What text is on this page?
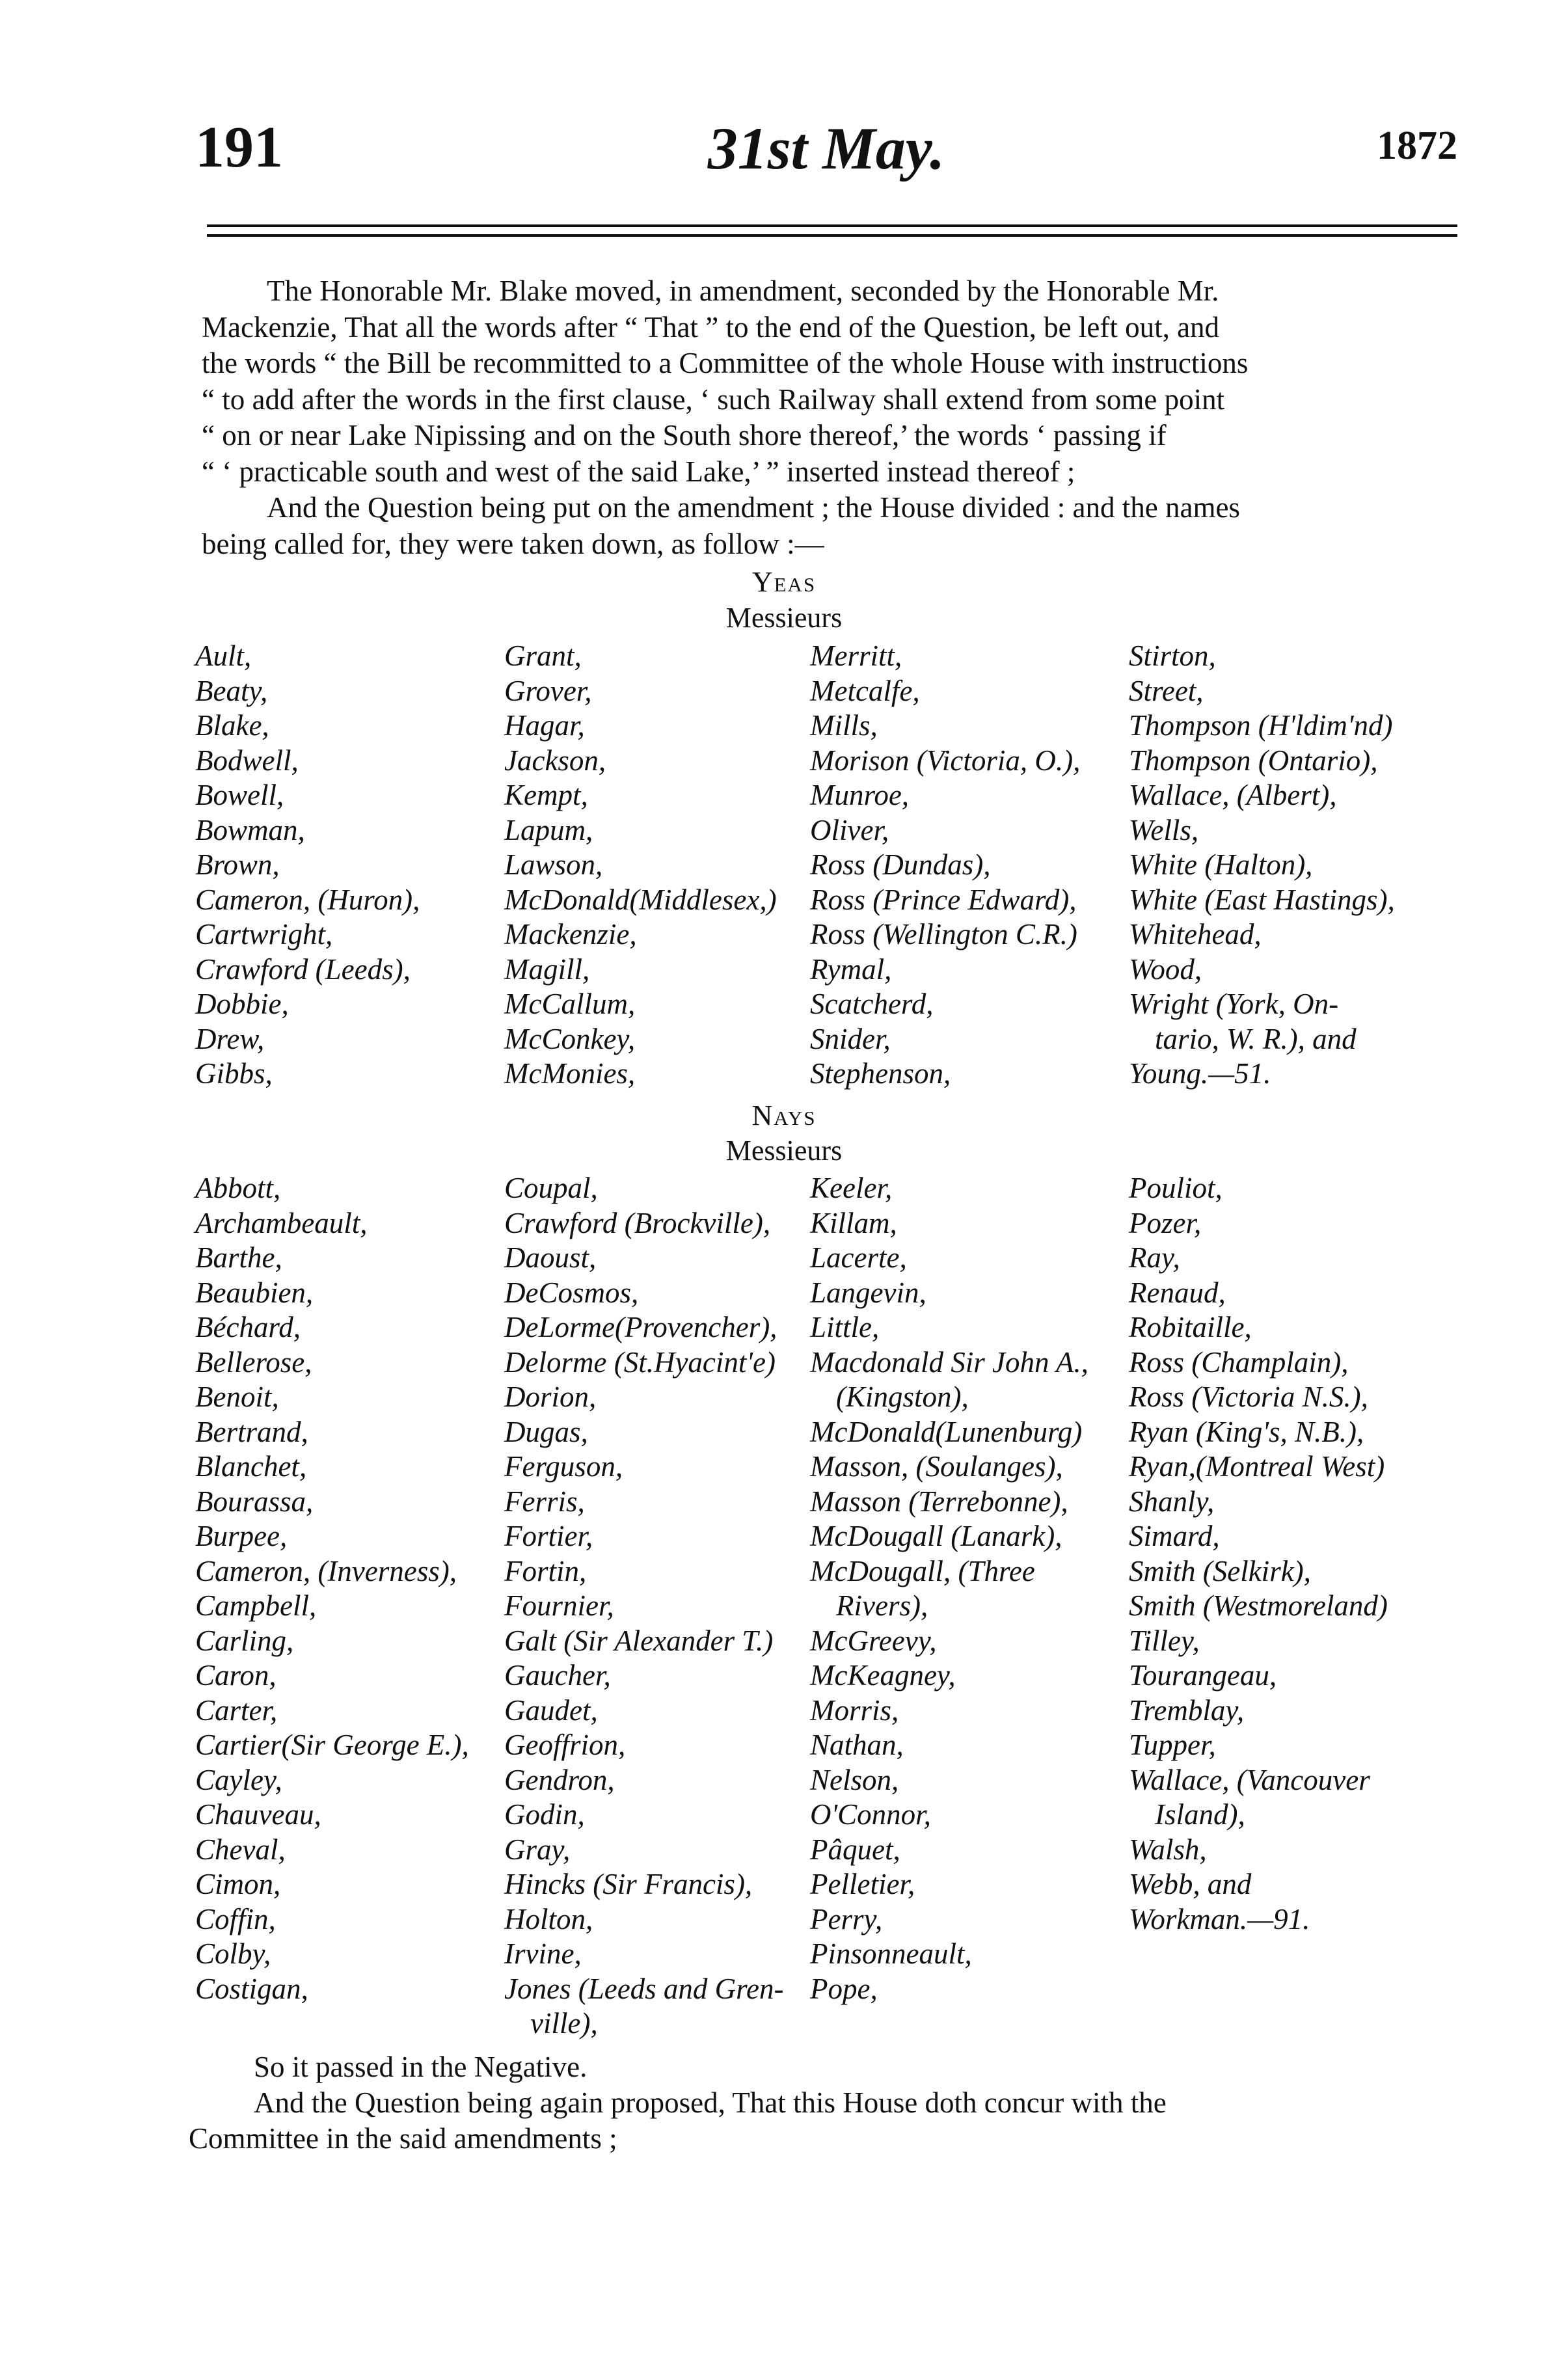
191	31st May.	1872

The Honorable Mr. Blake moved, in amendment, seconded by the Honorable Mr.

Mackenzie, That all the words after “ That ” to the end of the Question, be left out, and

the words “ the Bill be recommitted to a Committee of the whole House with instructions

“ to add after the words in the first clause, ‘ such Railway shall extend from some point

“ on or near Lake Nipissing and on the South shore thereof,’ the words ‘ passing if

“ ‘ practicable south and west of the said Lake,’ ” inserted instead thereof ;

And the Question being put on the amendment ; the House divided : and the names

being called for, they were taken down, as follow :—

Yeas
Messieurs
Ault,
Beaty,
Blake,
Bodwell,
Bowell,
Bowman,
Brown,
Cameron, (Huron),
Cartwright,
Crawford (Leeds),
Dobbie,
Drew,
Gibbs,
Grant,
Grover,
Hagar,
Jackson,
Kempt,
Lapum,
Lawson,
McDonald(Middlesex,)
Mackenzie,
Magill,
McCallum,
McConkey,
McMonies,
Merritt,
Metcalfe,
Mills,
Morison (Victoria, O.),
Munroe,
Oliver,
Ross (Dundas),
Ross (Prince Edward),
Ross (Wellington C.R.)
Rymal,
Scatcherd,
Snider,
Stephenson,
Stirton,
Street,
Thompson (H'ldim'nd)
Thompson (Ontario),
Wallace, (Albert),
Wells,
White (Halton),
White (East Hastings),
Whitehead,
Wood,
Wright (York, On-
tario, W. R.), and
Young.—51.
Nays
Messieurs
Abbott,
Archambeault,
Barthe,
Beaubien,
Béchard,
Bellerose,
Benoit,
Bertrand,
Blanchet,
Bourassa,
Burpee,
Cameron, (Inverness),
Campbell,
Carling,
Caron,
Carter,
Cartier(Sir George E.),
Cayley,
Chauveau,
Cheval,
Cimon,
Coffin,
Colby,
Costigan,
Coupal,
Crawford (Brockville),
Daoust,
DeCosmos,
DeLorme(Provencher),
Delorme (St.Hyacint'e)
Dorion,
Dugas,
Ferguson,
Ferris,
Fortier,
Fortin,
Fournier,
Galt (Sir Alexander T.)
Gaucher,
Gaudet,
Geoffrion,
Gendron,
Godin,
Gray,
Hincks (Sir Francis),
Holton,
Irvine,
Jones (Leeds and Gren-
ville),
Keeler,
Killam,
Lacerte,
Langevin,
Little,
Macdonald Sir John A.,
(Kingston),
McDonald(Lunenburg)
Masson, (Soulanges),
Masson (Terrebonne),
McDougall (Lanark),
McDougall, (Three
Rivers),
McGreevy,
McKeagney,
Morris,
Nathan,
Nelson,
O'Connor,
Pâquet,
Pelletier,
Perry,
Pinsonneault,
Pope,
Pouliot,
Pozer,
Ray,
Renaud,
Robitaille,
Ross (Champlain),
Ross (Victoria N.S.),
Ryan (King's, N.B.),
Ryan,(Montreal West)
Shanly,
Simard,
Smith (Selkirk),
Smith (Westmoreland)
Tilley,
Tourangeau,
Tremblay,
Tupper,
Wallace, (Vancouver
Island),
Walsh,
Webb, and
Workman.—91.

So it passed in the Negative.

And the Question being again proposed, That this House doth concur with the

Committee in the said amendments ;
